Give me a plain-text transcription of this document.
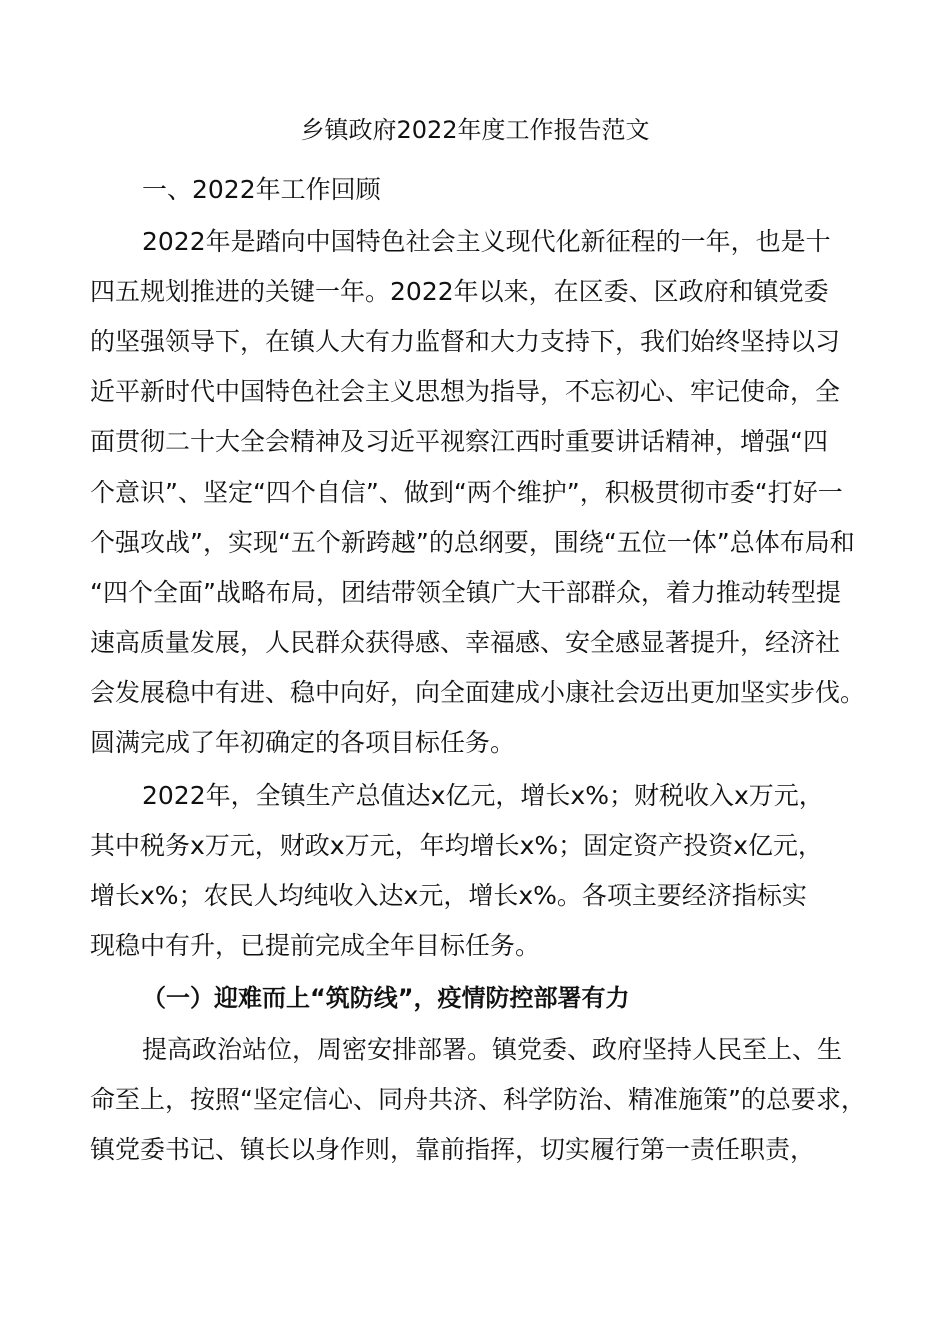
乡镇政府2022年度工作报告范文
一、2022年工作回顾
2022年是踏向中国特色社会主义现代化新征程的一年，也是十
四五规划推进的关键一年。2022年以来，在区委、区政府和镇党委
的坚强领导下，在镇人大有力监督和大力支持下，我们始终坚持以习
近平新时代中国特色社会主义思想为指导，不忘初心、牢记使命，全
面贯彻二十大全会精神及习近平视察江西时重要讲话精神，增强“四
个意识”、坚定“四个自信”、做到“两个维护”，积极贯彻市委“打好一
个强攻战”，实现“五个新跨越”的总纲要，围绕“五位一体”总体布局和
“四个全面”战略布局，团结带领全镇广大干部群众，着力推动转型提
速高质量发展，人民群众获得感、幸福感、安全感显著提升，经济社
会发展稳中有进、稳中向好，向全面建成小康社会迈出更加坚实步伐。
圆满完成了年初确定的各项目标任务。
2022年，全镇生产总值达x亿元，增长x%；财税收入x万元，
其中税务x万元，财政x万元，年均增长x%；固定资产投资x亿元，
增长x%；农民人均纯收入达x元，增长x%。各项主要经济指标实
现稳中有升，已提前完成全年目标任务。
（一）迎难而上“筑防线”，疫情防控部署有力
提高政治站位，周密安排部署。镇党委、政府坚持人民至上、生
命至上，按照“坚定信心、同舟共济、科学防治、精准施策”的总要求，
镇党委书记、镇长以身作则，靠前指挥，切实履行第一责任职责，
